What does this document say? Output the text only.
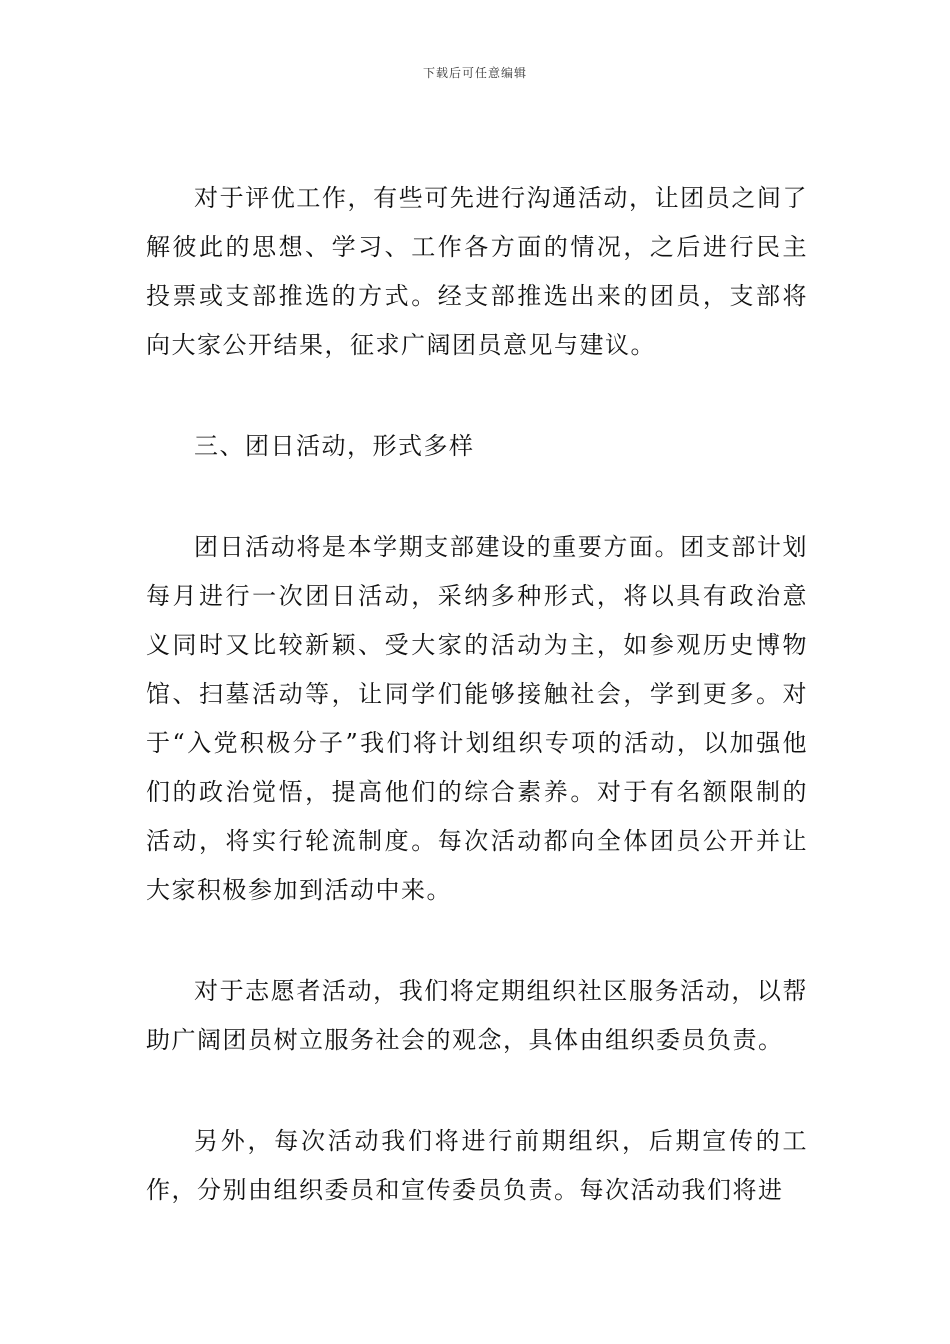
下载后可任意编辑

对于评优工作，有些可先进行沟通活动，让团员之间了解彼此的思想、学习、工作各方面的情况，之后进行民主投票或支部推选的方式。经支部推选出来的团员，支部将向大家公开结果，征求广阔团员意见与建议。

三、团日活动，形式多样

团日活动将是本学期支部建设的重要方面。团支部计划每月进行一次团日活动，采纳多种形式，将以具有政治意义同时又比较新颖、受大家的活动为主，如参观历史博物馆、扫墓活动等，让同学们能够接触社会，学到更多。对于“入党积极分子”我们将计划组织专项的活动，以加强他们的政治觉悟，提高他们的综合素养。对于有名额限制的活动，将实行轮流制度。每次活动都向全体团员公开并让大家积极参加到活动中来。

对于志愿者活动，我们将定期组织社区服务活动，以帮助广阔团员树立服务社会的观念，具体由组织委员负责。

另外，每次活动我们将进行前期组织，后期宣传的工作，分别由组织委员和宣传委员负责。每次活动我们将进
